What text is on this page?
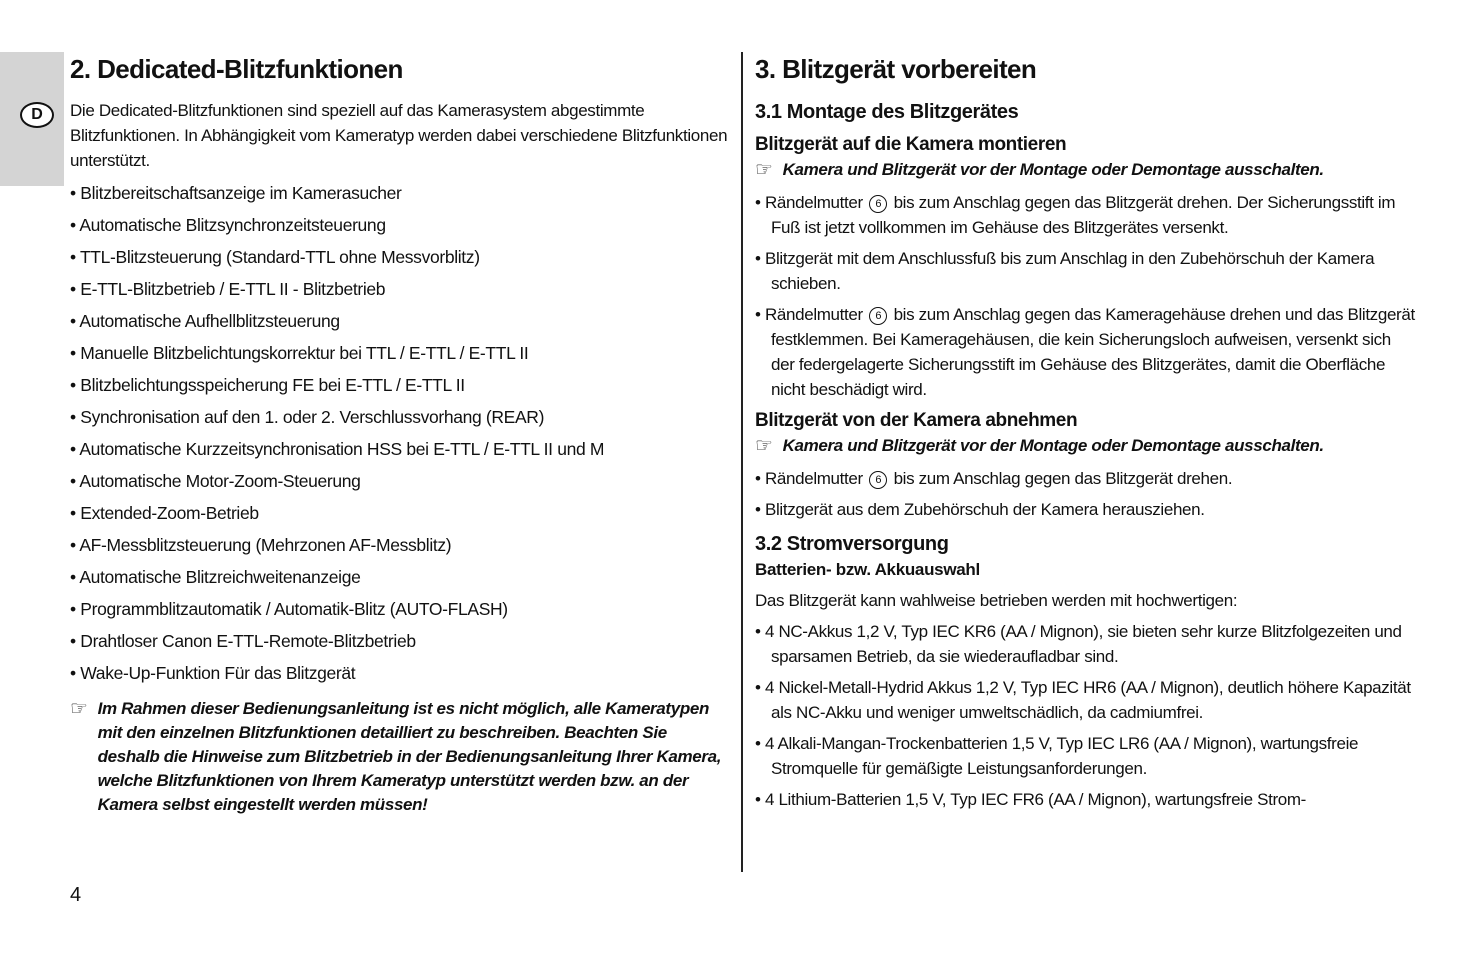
D
2. Dedicated-Blitzfunktionen

Die Dedicated-Blitzfunktionen sind speziell auf das Kamerasystem abgestimmte Blitzfunktionen. In Abhängigkeit vom Kameratyp werden dabei verschiedene Blitzfunktionen unterstützt.

• Blitzbereitschaftsanzeige im Kamerasucher
• Automatische Blitzsynchronzeitsteuerung
• TTL-Blitzsteuerung (Standard-TTL ohne Messvorblitz)
• E-TTL-Blitzbetrieb / E-TTL II - Blitzbetrieb
• Automatische Aufhellblitzsteuerung
• Manuelle Blitzbelichtungskorrektur bei TTL / E-TTL / E-TTL II
• Blitzbelichtungsspeicherung FE bei E-TTL / E-TTL II
• Synchronisation auf den 1. oder 2. Verschlussvorhang (REAR)
• Automatische Kurzzeitsynchronisation HSS bei E-TTL / E-TTL II und M
• Automatische Motor-Zoom-Steuerung
• Extended-Zoom-Betrieb
• AF-Messblitzsteuerung (Mehrzonen AF-Messblitz)
• Automatische Blitzreichweitenanzeige
• Programmblitzautomatik / Automatik-Blitz (AUTO-FLASH)
• Drahtloser Canon E-TTL-Remote-Blitzbetrieb
• Wake-Up-Funktion Für das Blitzgerät
☞ Im Rahmen dieser Bedienungsanleitung ist es nicht möglich, alle Kameratypen mit den einzelnen Blitzfunktionen detailliert zu beschreiben. Beachten Sie deshalb die Hinweise zum Blitzbetrieb in der Bedienungsanleitung Ihrer Kamera, welche Blitzfunktionen von Ihrem Kameratyp unterstützt werden bzw. an der Kamera selbst eingestellt werden müssen!
3. Blitzgerät vorbereiten
3.1 Montage des Blitzgerätes
Blitzgerät auf die Kamera montieren
☞ Kamera und Blitzgerät vor der Montage oder Demontage ausschalten.
• Rändelmutter 6 bis zum Anschlag gegen das Blitzgerät drehen. Der Sicherungsstift im Fuß ist jetzt vollkommen im Gehäuse des Blitzgerätes versenkt.
• Blitzgerät mit dem Anschlussfuß bis zum Anschlag in den Zubehörschuh der Kamera schieben.
• Rändelmutter 6 bis zum Anschlag gegen das Kameragehäuse drehen und das Blitzgerät festklemmen. Bei Kameragehäusen, die kein Sicherungsloch aufweisen, versenkt sich der federgelagerte Sicherungsstift im Gehäuse des Blitzgerätes, damit die Oberfläche nicht beschädigt wird.
Blitzgerät von der Kamera abnehmen
☞ Kamera und Blitzgerät vor der Montage oder Demontage ausschalten.
• Rändelmutter 6 bis zum Anschlag gegen das Blitzgerät drehen.
• Blitzgerät aus dem Zubehörschuh der Kamera herausziehen.
3.2 Stromversorgung
Batterien- bzw. Akkuauswahl

Das Blitzgerät kann wahlweise betrieben werden mit hochwertigen:

• 4 NC-Akkus 1,2 V, Typ IEC KR6 (AA / Mignon), sie bieten sehr kurze Blitzfolgezeiten und sparsamen Betrieb, da sie wiederaufladbar sind.
• 4 Nickel-Metall-Hydrid Akkus 1,2 V, Typ IEC HR6 (AA / Mignon), deutlich höhere Kapazität als NC-Akku und weniger umweltschädlich, da cadmiumfrei.
• 4 Alkali-Mangan-Trockenbatterien 1,5 V, Typ IEC LR6 (AA / Mignon), wartungsfreie Stromquelle für gemäßigte Leistungsanforderungen.
• 4 Lithium-Batterien 1,5 V, Typ IEC FR6 (AA / Mignon), wartungsfreie Strom-
4
